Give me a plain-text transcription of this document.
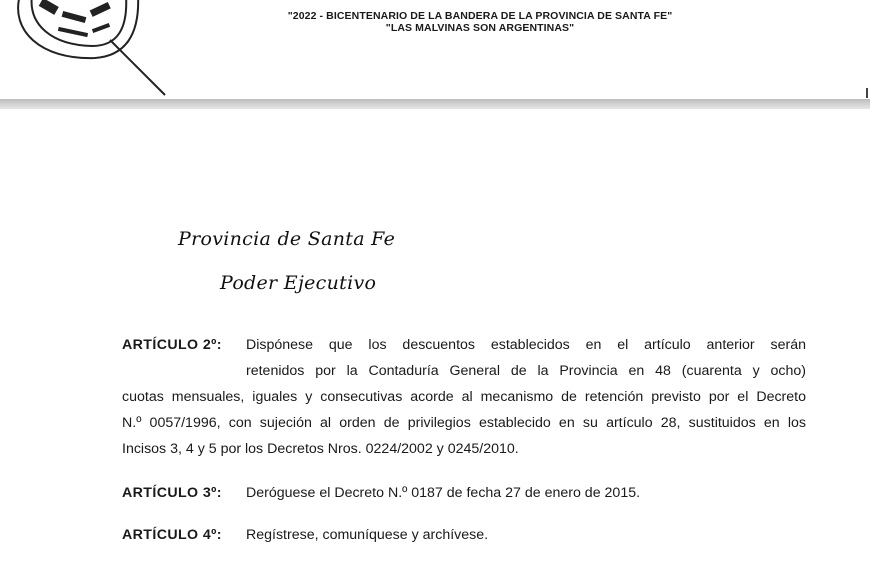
"2022 - BICENTENARIO DE LA BANDERA DE LA PROVINCIA DE SANTA FE"
"LAS MALVINAS SON ARGENTINAS"
Provincia de Santa Fe
Poder Ejecutivo
ARTÍCULO 2º:	Dispónese que los descuentos establecidos en el artículo anterior serán
retenidos por la Contaduría General de la Provincia en 48 (cuarenta y ocho)
cuotas mensuales, iguales y consecutivas acorde al mecanismo de retención previsto por el Decreto
N.º 0057/1996, con sujeción al orden de privilegios establecido en su artículo 28, sustituidos en los
Incisos 3, 4 y 5 por los Decretos Nros. 0224/2002 y 0245/2010.
ARTÍCULO 3º:	Deróguese el Decreto N.º 0187 de fecha 27 de enero de 2015.
ARTÍCULO 4º:	Regístrese, comuníquese y archívese.
